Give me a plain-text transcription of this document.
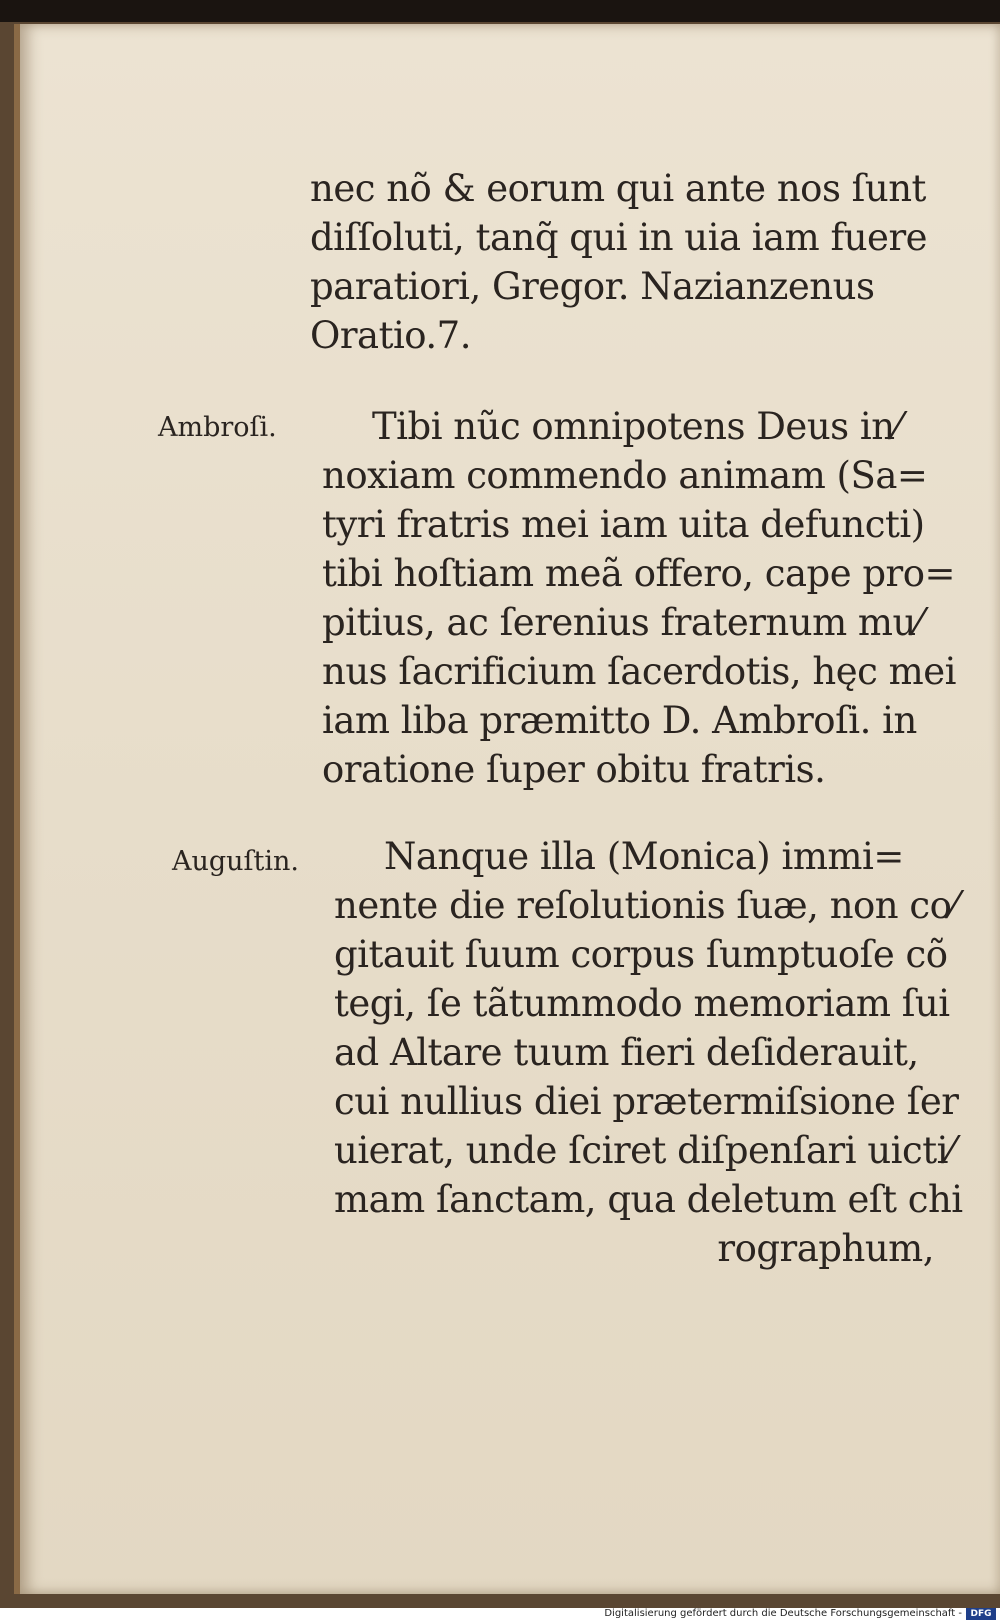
nec nõ & eorum qui ante nos ſunt
diſſoluti, tanq̃ qui in uia iam fuere
paratiori, Gregor. Nazianzenus
Oratio.7.
Ambroſi.	Tibi nũc omnipotens Deus in⁄
noxiam commendo animam (Sa=
tyri fratris mei iam uita defuncti)
tibi hoſtiam meã offero, cape pro=
pitius, ac ſerenius fraternum mu⁄
nus ſacrificium ſacerdotis, hęc mei
iam liba præmitto D. Ambroſi. in
oratione ſuper obitu fratris.
Auguſtin.	Nanque illa (Monica) immi=
nente die reſolutionis ſuæ, non co⁄
gitauit ſuum corpus ſumptuoſe cõ
tegi, ſe tãtummodo memoriam ſui
ad Altare tuum fieri deſiderauit,
cui nullius diei prætermiſsione ſer
uierat, unde ſciret diſpenſari uicti⁄
mam ſanctam, qua deletum eſt chi
rographum,
Digitalisierung gefördert durch die Deutsche Forschungsgemeinschaft - DFG
